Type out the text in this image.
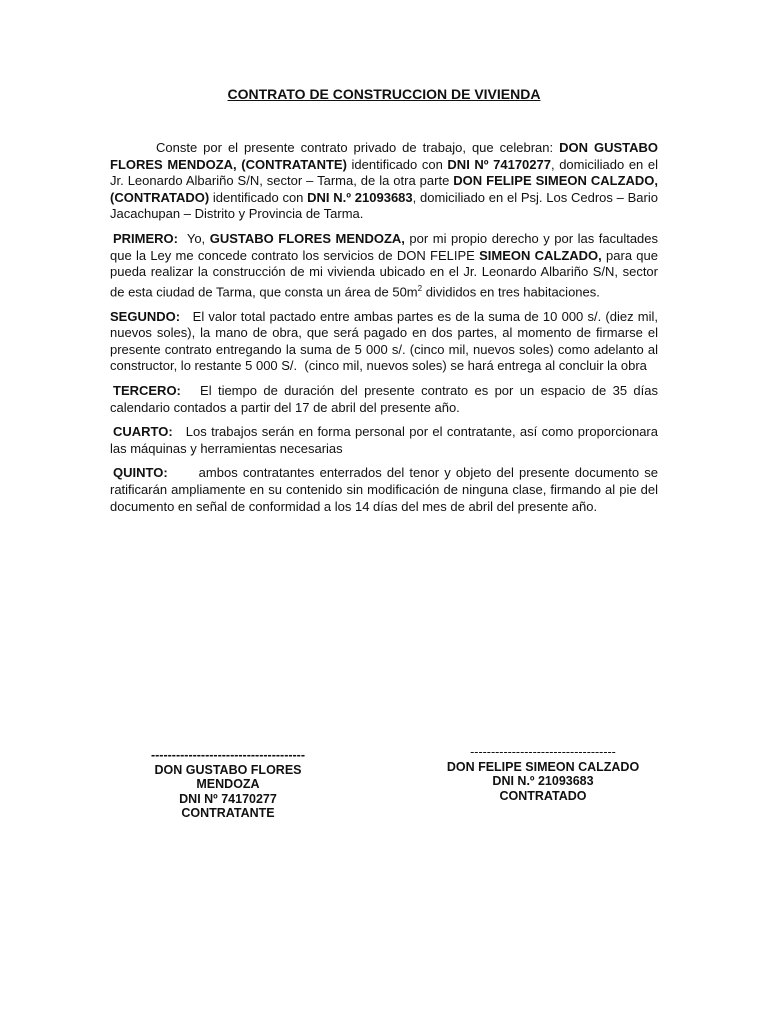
CONTRATO DE CONSTRUCCION DE VIVIENDA

Conste por el presente contrato privado de trabajo, que celebran: DON GUSTABO FLORES MENDOZA, (CONTRATANTE) identificado con DNI Nº 74170277, domiciliado en el Jr. Leonardo Albariño S/N, sector – Tarma, de la otra parte DON FELIPE SIMEON CALZADO, (CONTRATADO) identificado con DNI N.º 21093683, domiciliado en el Psj. Los Cedros – Bario Jacachupan – Distrito y Provincia de Tarma.

PRIMERO:  Yo, GUSTABO FLORES MENDOZA, por mi propio derecho y por las facultades que la Ley me concede contrato los servicios de DON FELIPE SIMEON CALZADO, para que pueda realizar la construcción de mi vivienda ubicado en el Jr. Leonardo Albariño S/N, sector de esta ciudad de Tarma, que consta un área de $50m^2$ divididos en tres habitaciones.

SEGUNDO:   El valor total pactado entre ambas partes es de la suma de 10 000 s/. (diez mil, nuevos soles), la mano de obra, que será pagado en dos partes, al momento de firmarse el presente contrato entregando la suma de 5 000 s/. (cinco mil, nuevos soles) como adelanto al constructor, lo restante 5 000 S/.  (cinco mil, nuevos soles) se hará entrega al concluir la obra

TERCERO:   El tiempo de duración del presente contrato es por un espacio de 35 días calendario contados a partir del 17 de abril del presente año.

CUARTO:   Los trabajos serán en forma personal por el contratante, así como proporcionara las máquinas y herramientas necesarias

QUINTO:      ambos contratantes enterrados del tenor y objeto del presente documento se ratificarán ampliamente en su contenido sin modificación de ninguna clase, firmando al pie del documento en señal de conformidad a los 14 días del mes de abril del presente año.

-------------------------------------
DON GUSTABO FLORES
MENDOZA
DNI Nº 74170277
CONTRATANTE
-----------------------------------
DON FELIPE SIMEON CALZADO
DNI N.º 21093683
CONTRATADO
